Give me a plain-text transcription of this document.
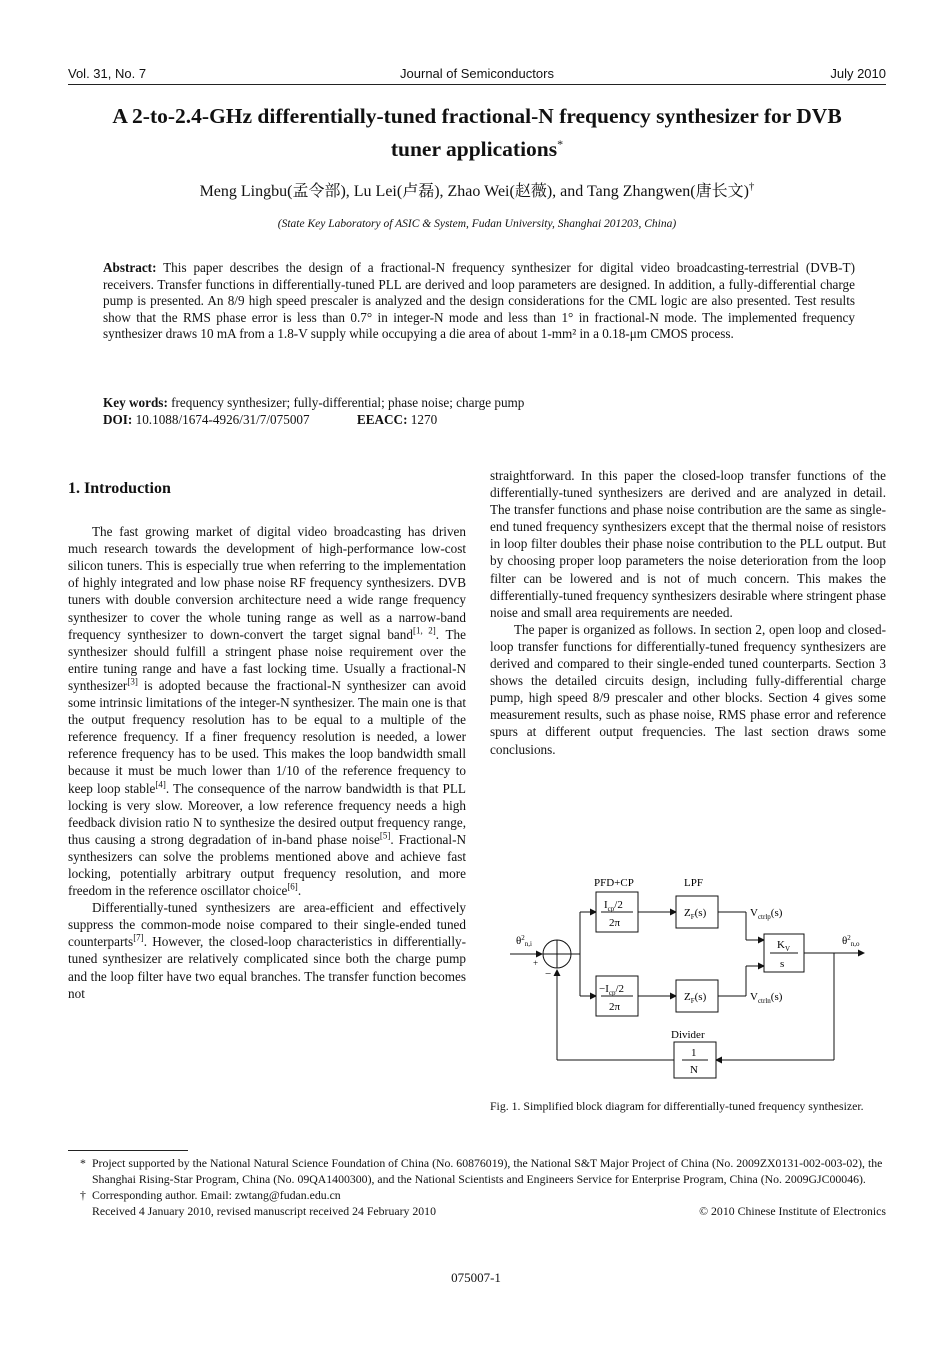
Vol. 31, No. 7	Journal of Semiconductors	July 2010
A 2-to-2.4-GHz differentially-tuned fractional-N frequency synthesizer for DVB
tuner applications*
Meng Lingbu(孟令部), Lu Lei(卢磊), Zhao Wei(赵薇), and Tang Zhangwen(唐长文)†
(State Key Laboratory of ASIC & System, Fudan University, Shanghai 201203, China)
Abstract: This paper describes the design of a fractional-N frequency synthesizer for digital video broadcasting-terrestrial (DVB-T) receivers. Transfer functions in differentially-tuned PLL are derived and loop parameters are designed. In addition, a fully-differential charge pump is presented. An 8/9 high speed prescaler is analyzed and the design considerations for the CML logic are also presented. Test results show that the RMS phase error is less than 0.7° in integer-N mode and less than 1° in fractional-N mode. The implemented frequency synthesizer draws 10 mA from a 1.8-V supply while occupying a die area of about 1-mm² in a 0.18-μm CMOS process.
Key words: frequency synthesizer; fully-differential; phase noise; charge pump
DOI: 10.1088/1674-4926/31/7/075007	EEACC: 1270
1. Introduction

The fast growing market of digital video broadcasting has driven much research towards the development of high-performance low-cost silicon tuners. This is especially true when referring to the implementation of highly integrated and low phase noise RF frequency synthesizers. DVB tuners with double conversion architecture need a wide range frequency synthesizer to cover the whole tuning range as well as a narrow-band frequency synthesizer to down-convert the target signal band[1, 2]. The synthesizer should fulfill a stringent phase noise requirement over the entire tuning range and have a fast locking time. Usually a fractional-N synthesizer[3] is adopted because the fractional-N synthesizer can avoid some intrinsic limitations of the integer-N synthesizer. The main one is that the output frequency resolution has to be equal to a multiple of the reference frequency. If a finer frequency resolution is needed, a lower reference frequency has to be used. This makes the loop bandwidth small because it must be much lower than 1/10 of the reference frequency to keep loop stable[4]. The consequence of the narrow bandwidth is that PLL locking is very slow. Moreover, a low reference frequency needs a high feedback division ratio N to synthesize the desired output frequency range, thus causing a strong degradation of in-band phase noise[5]. Fractional-N synthesizers can solve the problems mentioned above and achieve fast locking, potentially arbitrary output frequency resolution, and more freedom in the reference oscillator choice[6].

Differentially-tuned synthesizers are area-efficient and effectively suppress the common-mode noise compared to their single-ended tuned counterparts[7]. However, the closed-loop characteristics in differentially-tuned synthesizer are relatively complicated since both the charge pump and the loop filter have two equal branches. The transfer function becomes not

straightforward. In this paper the closed-loop transfer functions of the differentially-tuned synthesizers are derived and are analyzed in detail. The transfer functions and phase noise contribution are the same as single-end tuned frequency synthesizers except that the thermal noise of resistors in loop filter doubles their phase noise contribution to the PLL output. But by choosing proper loop parameters the noise deterioration from the loop filter can be lowered and is not of much concern. This makes the differentially-tuned frequency synthesizers desirable where stringent phase noise and small area requirements are needed.

The paper is organized as follows. In section 2, open loop and closed-loop transfer functions for differentially-tuned frequency synthesizers are derived and compared to their single-ended tuned counterparts. Section 3 shows the detailed circuits design, including fully-differential charge pump, high speed 8/9 prescaler and other blocks. Section 4 gives some measurement results, such as phase noise, RMS phase error and reference spurs at different output frequencies. The last section draws some conclusions.

PFD+CP	LPF
Divider
$\theta^2_{n,i}$
+
−
$I_{cp}/2$
2π
$-I_{cp}/2$
2π
$Z_F(s)$
$Z_F(s)$
$V_{ctrlp}(s)$
$V_{ctrln}(s)$
$K_V$
s
$\theta^2_{n,o}$
1
N
Fig. 1. Simplified block diagram for differentially-tuned frequency synthesizer.
* Project supported by the National Natural Science Foundation of China (No. 60876019), the National S&T Major Project of China (No. 2009ZX0131-002-003-02), the Shanghai Rising-Star Program, China (No. 09QA1400300), and the National Scientists and Engineers Service for Enterprise Program, China (No. 2009GJC00046).
† Corresponding author. Email: zwtang@fudan.edu.cn
Received 4 January 2010, revised manuscript received 24 February 2010	© 2010 Chinese Institute of Electronics
075007-1
